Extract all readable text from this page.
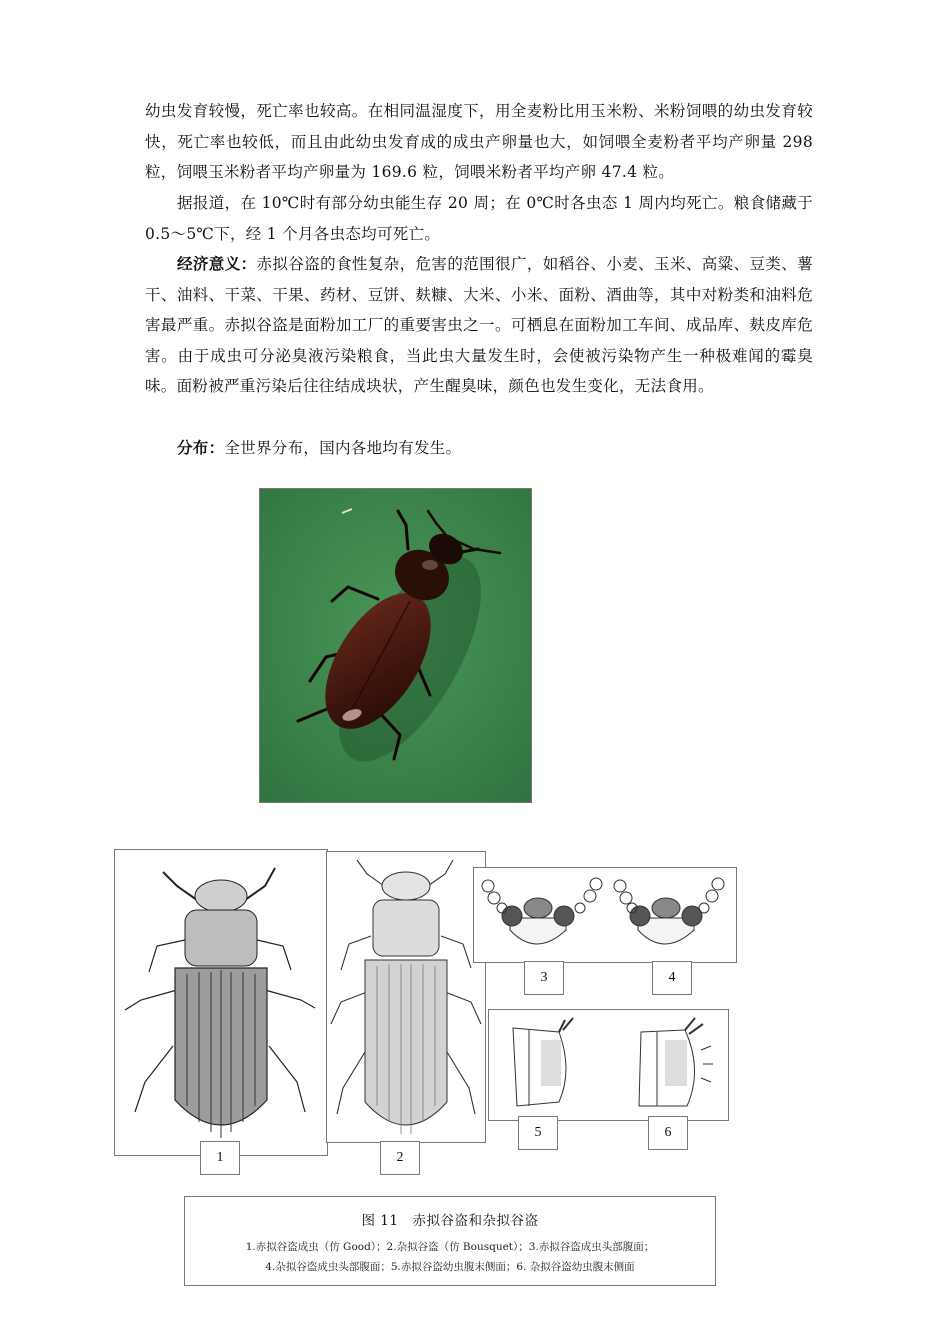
幼虫发育较慢，死亡率也较高。在相同温湿度下，用全麦粉比用玉米粉、米粉饲喂的幼虫发育较快，死亡率也较低，而且由此幼虫发育成的成虫产卵量也大，如饲喂全麦粉者平均产卵量 298 粒，饲喂玉米粉者平均产卵量为 169.6 粒，饲喂米粉者平均产卵 47.4 粒。

据报道，在 10℃时有部分幼虫能生存 20 周；在 0℃时各虫态 1 周内均死亡。粮食储藏于 0.5～5℃下，经 1 个月各虫态均可死亡。

经济意义：赤拟谷盗的食性复杂，危害的范围很广，如稻谷、小麦、玉米、高粱、豆类、薯干、油料、干菜、干果、药材、豆饼、麸糠、大米、小米、面粉、酒曲等，其中对粉类和油料危害最严重。赤拟谷盗是面粉加工厂的重要害虫之一。可栖息在面粉加工车间、成品库、麸皮库危害。由于成虫可分泌臭液污染粮食，当此虫大量发生时，会使被污染物产生一种极难闻的霉臭味。面粉被严重污染后往往结成块状，产生醒臭味，颜色也发生变化，无法食用。

分布：全世界分布，国内各地均有发生。

1	2
3	4
5	6
图 11 赤拟谷盗和杂拟谷盗
1.赤拟谷盗成虫（仿 Good）；2.杂拟谷盗（仿 Bousquet）；3.赤拟谷盗成虫头部腹面；
4.杂拟谷盗成虫头部腹面；5.赤拟谷盗幼虫腹末侧面；6. 杂拟谷盗幼虫腹末侧面
